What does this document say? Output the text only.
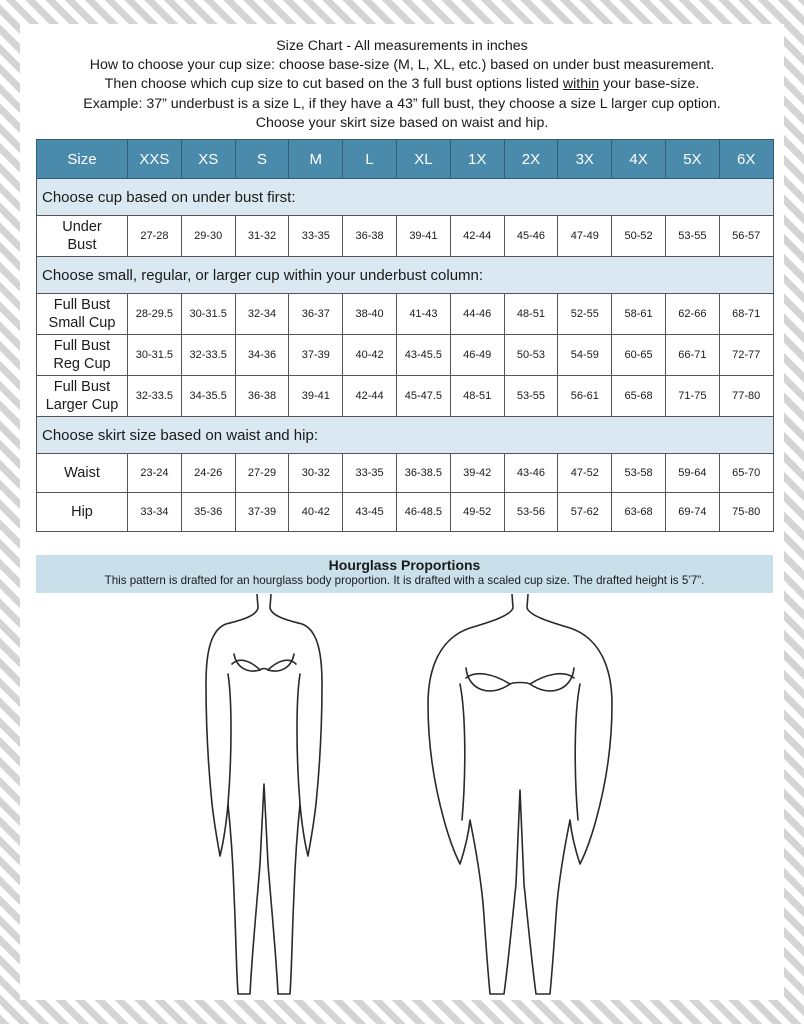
Size Chart - All measurements in inches
How to choose your cup size: choose base-size (M, L, XL, etc.) based on under bust measurement.
Then choose which cup size to cut based on the 3 full bust options listed within your base-size.
Example: 37” underbust is a size L, if they have a 43” full bust, they choose a size L larger cup option.
Choose your skirt size based on waist and hip.
Size	XXS	XS	S	M	L	XL	1X	2X	3X	4X	5X	6X
Choose cup based on under bust first:												
Under
Bust	27-28	29-30	31-32	33-35	36-38	39-41	42-44	45-46	47-49	50-52	53-55	56-57
Choose small, regular, or larger cup within your underbust column:												
Full Bust
Small Cup	28-29.5	30-31.5	32-34	36-37	38-40	41-43	44-46	48-51	52-55	58-61	62-66	68-71
Full Bust
Reg Cup	30-31.5	32-33.5	34-36	37-39	40-42	43-45.5	46-49	50-53	54-59	60-65	66-71	72-77
Full Bust
Larger Cup	32-33.5	34-35.5	36-38	39-41	42-44	45-47.5	48-51	53-55	56-61	65-68	71-75	77-80
Choose skirt size based on waist and hip:												
Waist	23-24	24-26	27-29	30-32	33-35	36-38.5	39-42	43-46	47-52	53-58	59-64	65-70
Hip	33-34	35-36	37-39	40-42	43-45	46-48.5	49-52	53-56	57-62	63-68	69-74	75-80
Hourglass Proportions
This pattern is drafted for an hourglass body proportion. It is drafted with a scaled cup size. The drafted height is 5’7”.
